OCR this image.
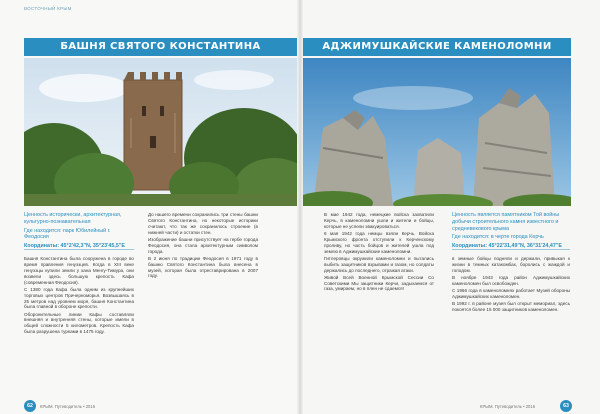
ВОСТОЧНЫЙ КРЫМ
БАШНЯ СВЯТОГО КОНСТАНТИНА
Ценность исторически, архитектурная, культурно-познавательная
Где находится: парк Юбилейный г. Феодосия
Координаты: 45°2'42,3"N, 35°23'45,5"E

Башня Константина была сооружена в городе во время правления генуэзцев. Когда в XIII веке генуэзцы купили земли у хана Менгу-Тимура, они возвели здесь большую крепость Кафа (современная Феодосия).

С 1380 года Кафа была одним из крупнейших торговых центров Причерноморья. Возвышаясь в 25 метров над уровнем моря, башня Константина была главной в обороне крепости.

Оборонительные линии Кафы составляли внешняя и внутренняя стены, которые имели в общей сложности 5 километров. Крепость Кафа была разрушена турками в 1475 году.

До нашего времени сохранились три стены башни Святого Константина, но некоторые историки считают, что так же сохранилось строение (в нижней части) и остатки стен.

Изображение башни присутствует на гербе города Феодосия, она стала архитектурным символом города.

В 2 июня по традиции Феодосия в 1971 году в башню Святого Константина была внесена в музей, которая была отреставрирована в 2007 году.

62	КРЫМ. Путеводитель • 2016
АДЖИМУШКАЙСКИЕ КАМЕНОЛОМНИ

В мае 1942 года, немецкие войска захватили Керчь, в каменоломни ушли и жители и бойцы, которые не успели эвакуироваться.

6 мая 1942 года немцы взяли Керчь. Войска Крымского фронта отступили к Керченскому проливу, но часть бойцов и жителей ушла под землю в Аджимушкайские каменоломни.

Гитлеровцы окружили каменоломни и пытались выбить защитников взрывами и газом, но солдаты держались до последнего, отражая атаки.

Живой Всей Военной Крымской Сессии Со Советскими Мы защитники Керчи, задыхаемся от газа, умираем, но в плен не сдаемся!

Ценность является памятником Той войны добычи строительного камня известного и средневекового крыма
Где находится: в черте города Керчь
Координаты: 45°22'31,49"N, 36°31'24,47"E

в земные бойцы подняли и держали, привыкая к жизни в темных катакомбах, боролись с жаждой и голодом.

В ноябре 1943 года район Аджимушкайских каменоломен был освобожден.

С 1966 года в каменоломнях работает Музей обороны Аджимушкайских каменоломен.

В 1992 г. в районе музея был открыт мемориал, здесь покоятся более 15 000 защитников каменоломен.

КРЫМ. Путеводитель • 2016	63
